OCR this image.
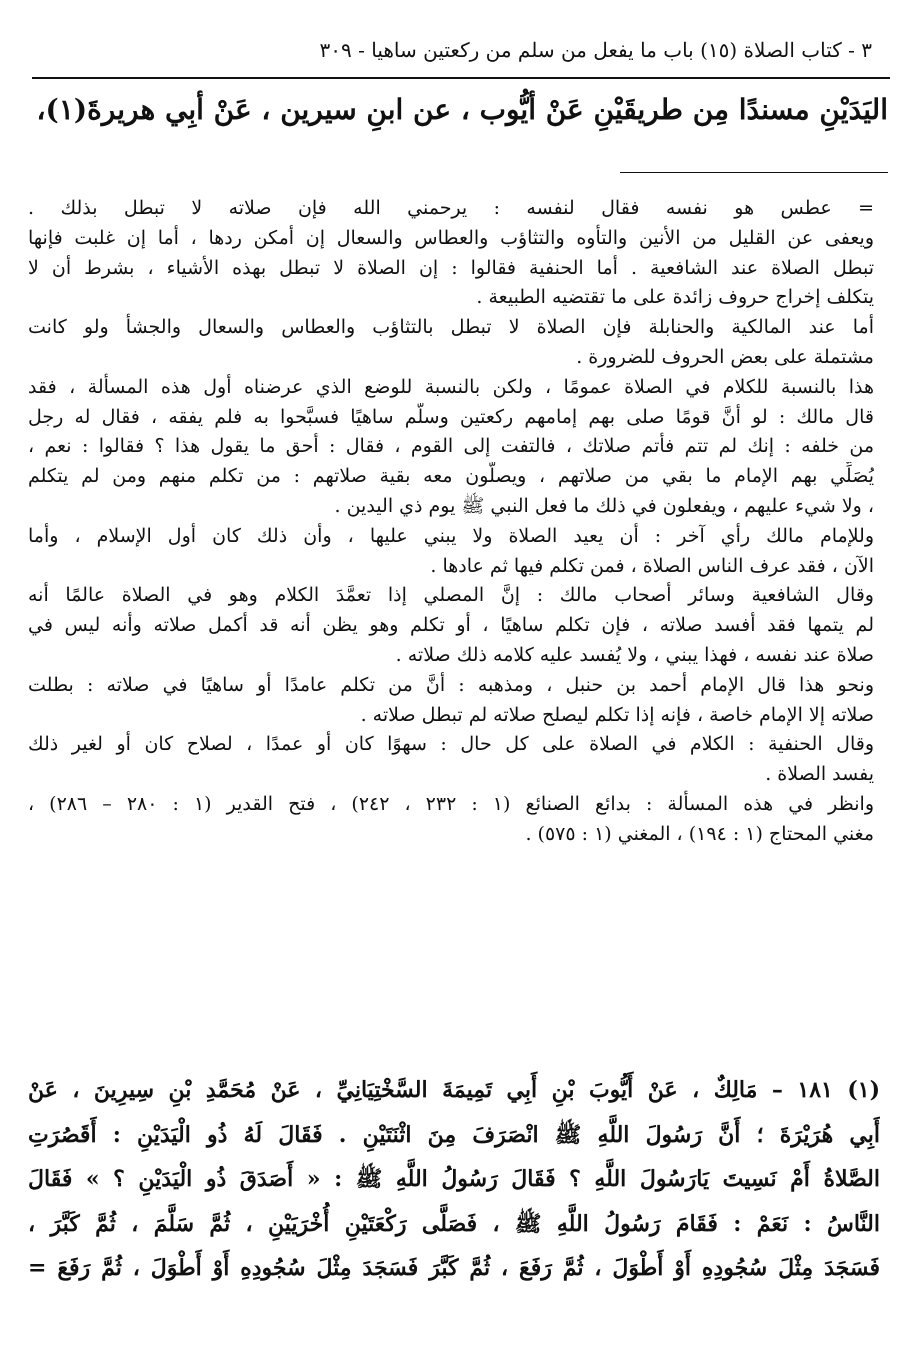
٣ - كتاب الصلاة (١٥) باب ما يفعل من سلم من ركعتين ساهيا - ٣٠٩
اليَدَيْنِ مسندًا مِن طريقَيْنِ عَنْ أيُّوب ، عن ابنِ سيرين ، عَنْ أبِي هريرةَ(١)،
= عطس هو نفسه فقال لنفسه : يرحمني الله فإن صلاته لا تبطل بذلك .
ويعفى عن القليل من الأنين والتأوه والتثاؤب والعطاس والسعال إن أمكن ردها ، أما إن غلبت فإنها
تبطل الصلاة عند الشافعية . أما الحنفية فقالوا : إن الصلاة لا تبطل بهذه الأشياء ، بشرط أن لا
يتكلف إخراج حروف زائدة على ما تقتضيه الطبيعة .
أما عند المالكية والحنابلة فإن الصلاة لا تبطل بالتثاؤب والعطاس والسعال والجشأ ولو كانت
مشتملة على بعض الحروف للضرورة .
هذا بالنسبة للكلام في الصلاة عمومًا ، ولكن بالنسبة للوضع الذي عرضناه أول هذه المسألة ، فقد
قال مالك : لو أنَّ قومًا صلى بهم إمامهم ركعتين وسلَّم ساهيًا فسبَّحوا به فلم يفقه ، فقال له رجل
من خلفه : إنك لم تتم فأتم صلاتك ، فالتفت إلى القوم ، فقال : أحق ما يقول هذا ؟ فقالوا : نعم ،
يُصَلِّي بهم الإمام ما بقي من صلاتهم ، ويصلُّون معه بقية صلاتهم : من تكلم منهم ومن لم يتكلم
، ولا شيء عليهم ، ويفعلون في ذلك ما فعل النبي ﷺ يوم ذي اليدين .
وللإمام مالك رأي آخر : أن يعيد الصلاة ولا يبني عليها ، وأن ذلك كان أول الإسلام ، وأما
الآن ، فقد عرف الناس الصلاة ، فمن تكلم فيها ثم عادها .
وقال الشافعية وسائر أصحاب مالك : إنَّ المصلي إذا تعمَّدَ الكلام وهو في الصلاة عالمًا أنه
لم يتمها فقد أفسد صلاته ، فإن تكلم ساهيًا ، أو تكلم وهو يظن أنه قد أكمل صلاته وأنه ليس في
صلاة عند نفسه ، فهذا يبني ، ولا يُفسد عليه كلامه ذلك صلاته .
ونحو هذا قال الإمام أحمد بن حنبل ، ومذهبه : أنَّ من تكلم عامدًا أو ساهيًا في صلاته : بطلت
صلاته إلا الإمام خاصة ، فإنه إذا تكلم ليصلح صلاته لم تبطل صلاته .
وقال الحنفية : الكلام في الصلاة على كل حال : سهوًا كان أو عمدًا ، لصلاح كان أو لغير ذلك
يفسد الصلاة .
وانظر في هذه المسألة : بدائع الصنائع (١ : ٢٣٢ ، ٢٤٢) ، فتح القدير (١ : ٢٨٠ – ٢٨٦) ،
مغني المحتاج (١ : ١٩٤) ، المغني (١ : ٥٧٥) .
(١) ١٨١ – مَالِكٌ ، عَنْ أَيُّوبَ بْنِ أَبِي تَمِيمَةَ السَّخْتِيَانِيِّ ، عَنْ مُحَمَّدِ بْنِ سِيرِينَ ، عَنْ
أَبِي هُرَيْرَةَ ؛ أَنَّ رَسُولَ اللَّهِ ﷺ انْصَرَفَ مِنَ اثْنَتَيْنِ . فَقَالَ لَهُ ذُو الْيَدَيْنِ : أَقَصُرَتِ
الصَّلاةُ أَمْ نَسِيتَ يَارَسُولَ اللَّهِ ؟ فَقَالَ رَسُولُ اللَّهِ ﷺ : « أَصَدَقَ ذُو الْيَدَيْنِ ؟ » فَقَالَ
النَّاسُ : نَعَمْ : فَقَامَ رَسُولُ اللَّهِ ﷺ ، فَصَلَّى رَكْعَتَيْنِ أُخْرَيَيْنِ ، ثُمَّ سَلَّمَ ، ثُمَّ كَبَّرَ ،
فَسَجَدَ مِثْلَ سُجُودِهِ أَوْ أَطْوَلَ ، ثُمَّ رَفَعَ ، ثُمَّ كَبَّرَ فَسَجَدَ مِثْلَ سُجُودِهِ أَوْ أَطْوَلَ ، ثُمَّ رَفَعَ =
